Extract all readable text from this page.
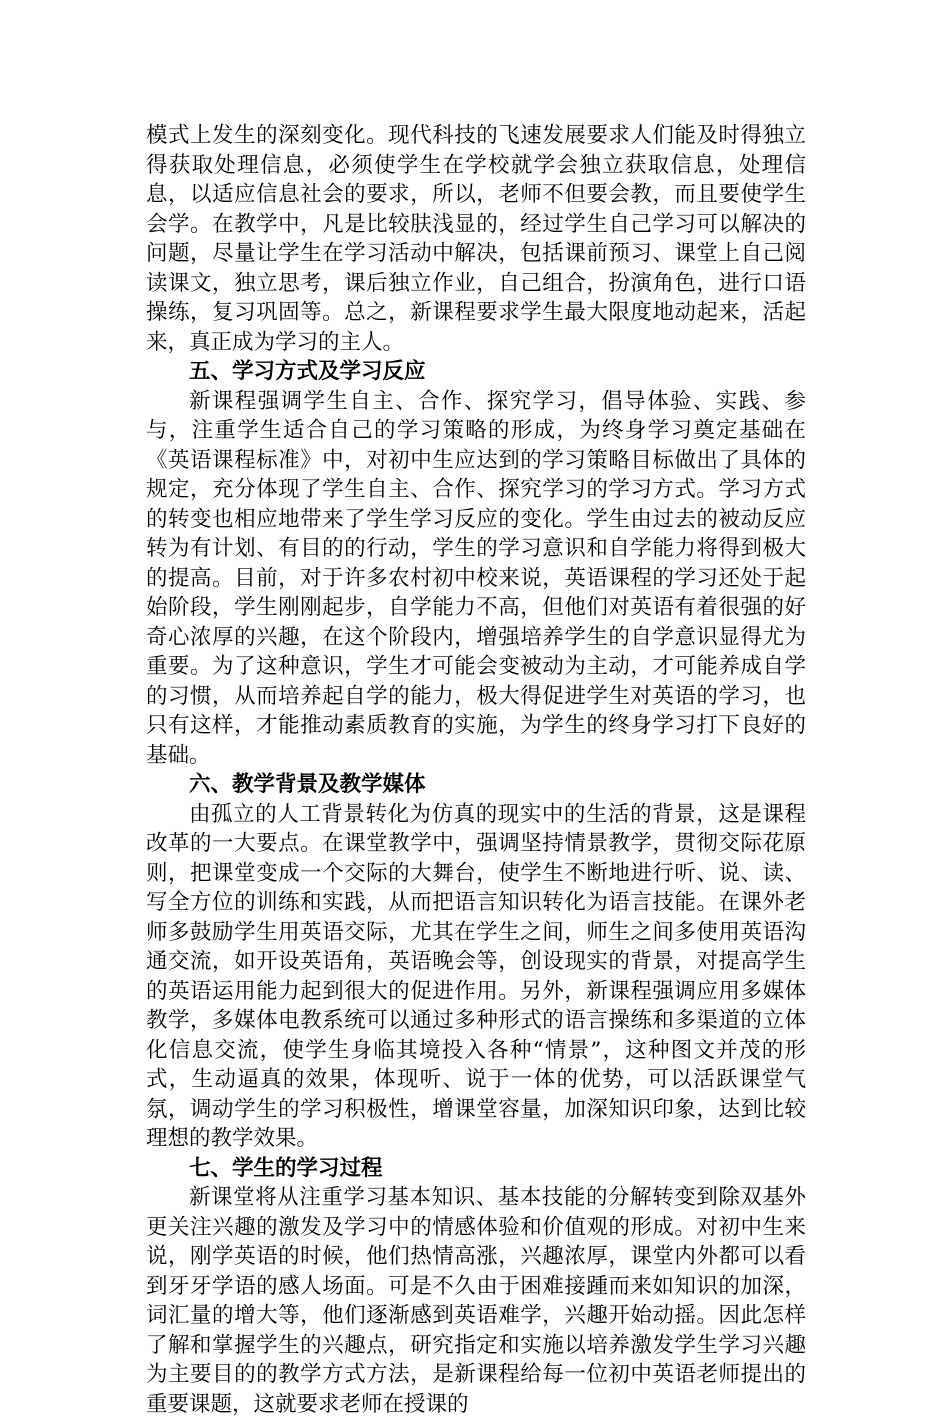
模式上发生的深刻变化。现代科技的飞速发展要求人们能及时得独立得获取处理信息，必须使学生在学校就学会独立获取信息，处理信息，以适应信息社会的要求，所以，老师不但要会教，而且要使学生会学。在教学中，凡是比较肤浅显的，经过学生自己学习可以解决的问题，尽量让学生在学习活动中解决，包括课前预习、课堂上自己阅读课文，独立思考，课后独立作业，自己组合，扮演角色，进行口语操练，复习巩固等。总之，新课程要求学生最大限度地动起来，活起来，真正成为学习的主人。

五、学习方式及学习反应

新课程强调学生自主、合作、探究学习，倡导体验、实践、参与，注重学生适合自己的学习策略的形成，为终身学习奠定基础在《英语课程标准》中，对初中生应达到的学习策略目标做出了具体的规定，充分体现了学生自主、合作、探究学习的学习方式。学习方式的转变也相应地带来了学生学习反应的变化。学生由过去的被动反应转为有计划、有目的的行动，学生的学习意识和自学能力将得到极大的提高。目前，对于许多农村初中校来说，英语课程的学习还处于起始阶段，学生刚刚起步，自学能力不高，但他们对英语有着很强的好奇心浓厚的兴趣，在这个阶段内，增强培养学生的自学意识显得尤为重要。为了这种意识，学生才可能会变被动为主动，才可能养成自学的习惯，从而培养起自学的能力，极大得促进学生对英语的学习，也只有这样，才能推动素质教育的实施，为学生的终身学习打下良好的基础。

六、教学背景及教学媒体

由孤立的人工背景转化为仿真的现实中的生活的背景，这是课程改革的一大要点。在课堂教学中，强调坚持情景教学，贯彻交际花原则，把课堂变成一个交际的大舞台，使学生不断地进行听、说、读、写全方位的训练和实践，从而把语言知识转化为语言技能。在课外老师多鼓励学生用英语交际，尤其在学生之间，师生之间多使用英语沟通交流，如开设英语角，英语晚会等，创设现实的背景，对提高学生的英语运用能力起到很大的促进作用。另外，新课程强调应用多媒体教学，多媒体电教系统可以通过多种形式的语言操练和多渠道的立体化信息交流，使学生身临其境投入各种“情景”，这种图文并茂的形式，生动逼真的效果，体现听、说于一体的优势，可以活跃课堂气氛，调动学生的学习积极性，增课堂容量，加深知识印象，达到比较理想的教学效果。

七、学生的学习过程

新课堂将从注重学习基本知识、基本技能的分解转变到除双基外更关注兴趣的激发及学习中的情感体验和价值观的形成。对初中生来说，刚学英语的时候，他们热情高涨，兴趣浓厚，课堂内外都可以看到牙牙学语的感人场面。可是不久由于困难接踵而来如知识的加深，词汇量的增大等，他们逐渐感到英语难学，兴趣开始动摇。因此怎样了解和掌握学生的兴趣点，研究指定和实施以培养激发学生学习兴趣为主要目的的教学方式方法，是新课程给每一位初中英语老师提出的重要课题，这就要求老师在授课的
